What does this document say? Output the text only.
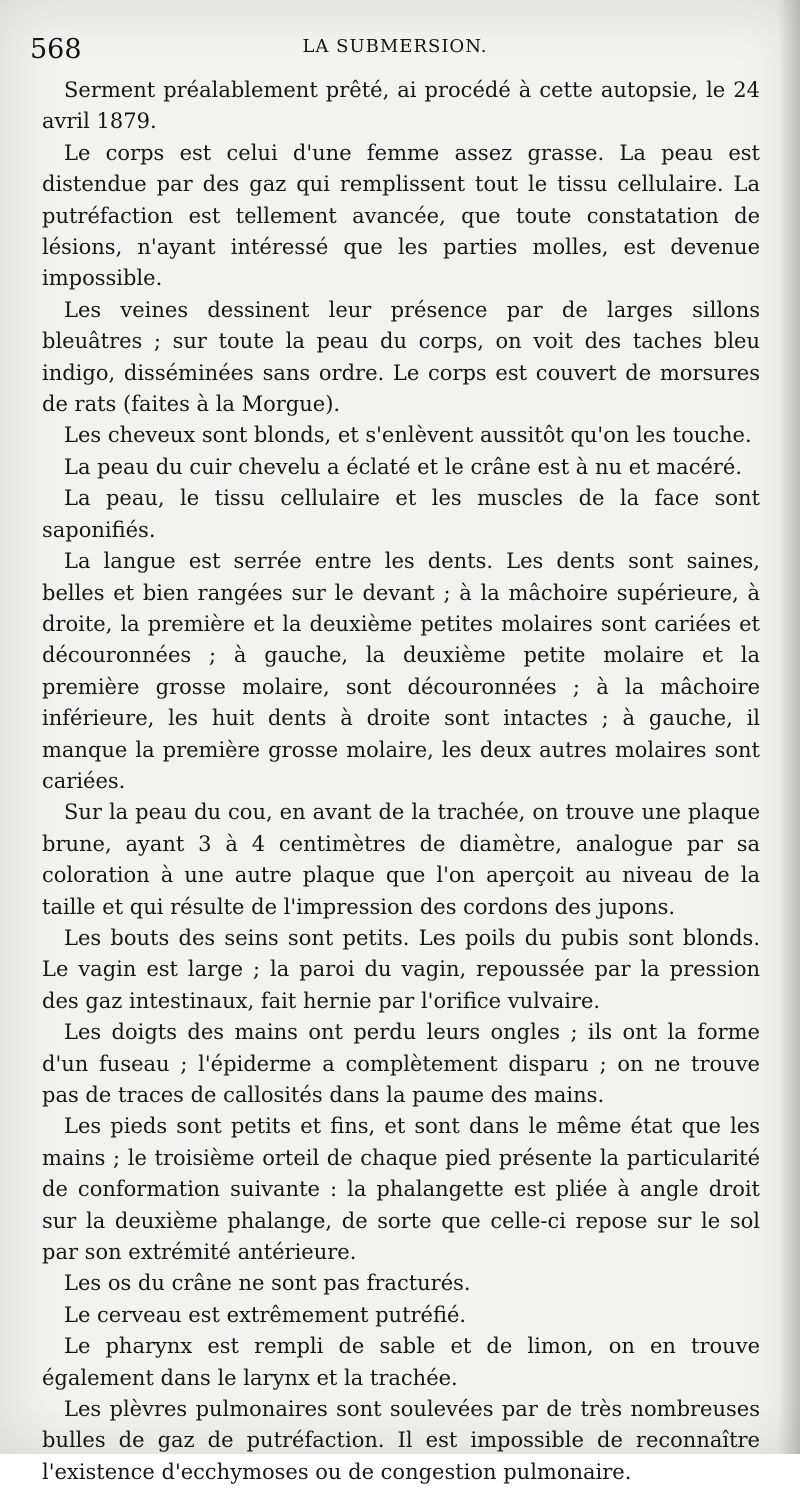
568	LA SUBMERSION.

Serment préalablement prêté, ai procédé à cette autopsie, le 24 avril 1879.

Le corps est celui d'une femme assez grasse. La peau est distendue par des gaz qui remplissent tout le tissu cellulaire. La putréfaction est tellement avancée, que toute constatation de lésions, n'ayant intéressé que les parties molles, est devenue impossible.

Les veines dessinent leur présence par de larges sillons bleuâtres ; sur toute la peau du corps, on voit des taches bleu indigo, disséminées sans ordre. Le corps est couvert de morsures de rats (faites à la Morgue).

Les cheveux sont blonds, et s'enlèvent aussitôt qu'on les touche.

La peau du cuir chevelu a éclaté et le crâne est à nu et macéré.

La peau, le tissu cellulaire et les muscles de la face sont saponifiés.

La langue est serrée entre les dents. Les dents sont saines, belles et bien rangées sur le devant ; à la mâchoire supérieure, à droite, la première et la deuxième petites molaires sont cariées et découronnées ; à gauche, la deuxième petite molaire et la première grosse molaire, sont découronnées ; à la mâchoire inférieure, les huit dents à droite sont intactes ; à gauche, il manque la première grosse molaire, les deux autres molaires sont cariées.

Sur la peau du cou, en avant de la trachée, on trouve une plaque brune, ayant 3 à 4 centimètres de diamètre, analogue par sa coloration à une autre plaque que l'on aperçoit au niveau de la taille et qui résulte de l'impression des cordons des jupons.

Les bouts des seins sont petits. Les poils du pubis sont blonds. Le vagin est large ; la paroi du vagin, repoussée par la pression des gaz intestinaux, fait hernie par l'orifice vulvaire.

Les doigts des mains ont perdu leurs ongles ; ils ont la forme d'un fuseau ; l'épiderme a complètement disparu ; on ne trouve pas de traces de callosités dans la paume des mains.

Les pieds sont petits et fins, et sont dans le même état que les mains ; le troisième orteil de chaque pied présente la particularité de conformation suivante : la phalangette est pliée à angle droit sur la deuxième phalange, de sorte que celle-ci repose sur le sol par son extrémité antérieure.

Les os du crâne ne sont pas fracturés.

Le cerveau est extrêmement putréfié.

Le pharynx est rempli de sable et de limon, on en trouve également dans le larynx et la trachée.

Les plèvres pulmonaires sont soulevées par de très nombreuses bulles de gaz de putréfaction. Il est impossible de reconnaître l'existence d'ecchymoses ou de congestion pulmonaire.
